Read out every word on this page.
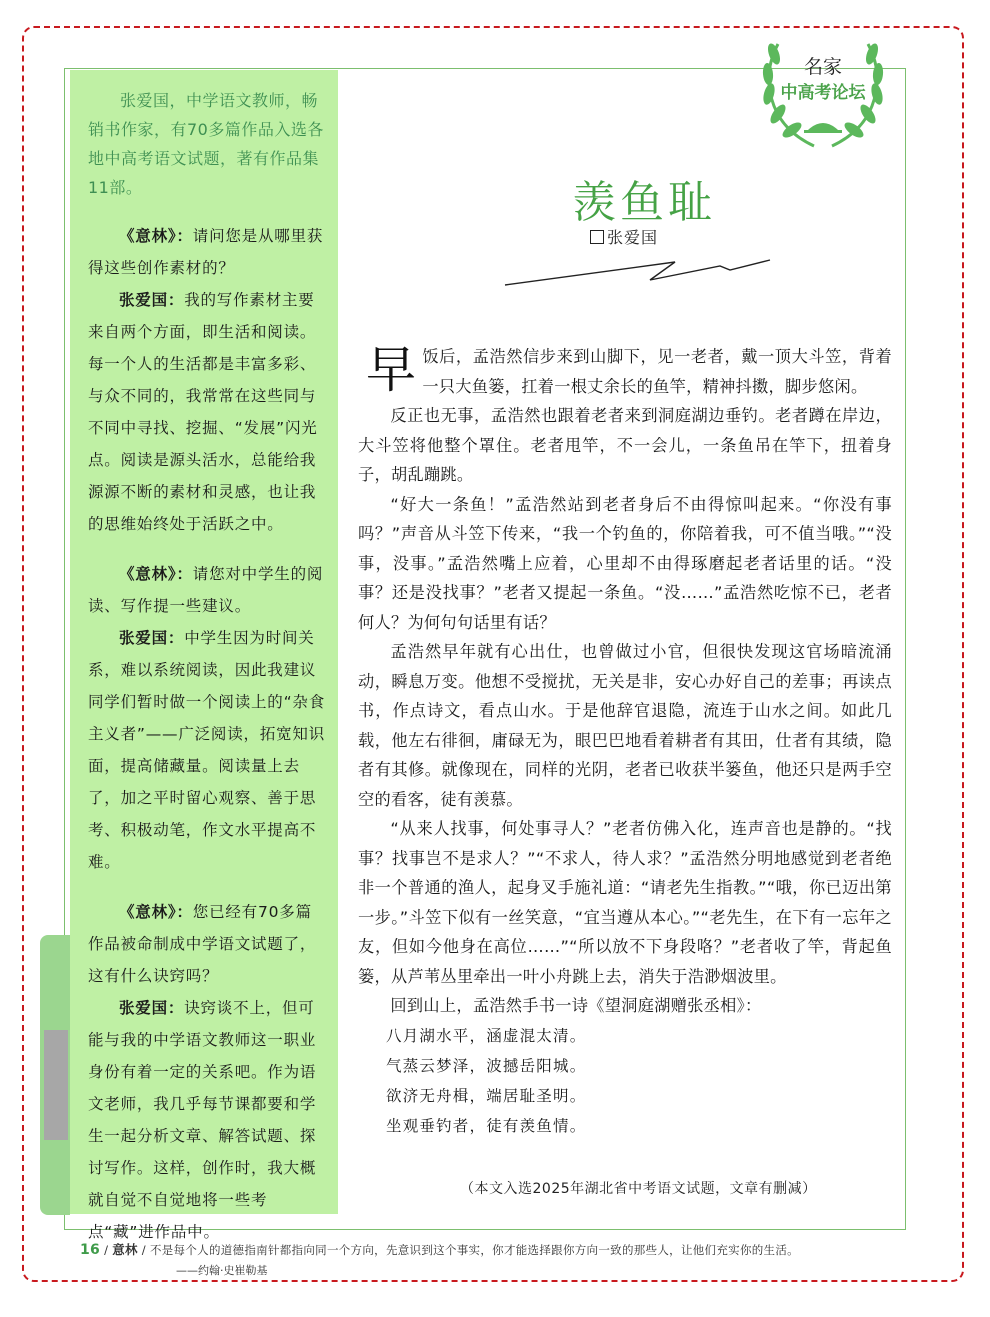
张爱国，中学语文教师，畅销书作家，有70多篇作品入选各地中高考语文试题，著有作品集11部。

《意林》：请问您是从哪里获得这些创作素材的？

张爱国：我的写作素材主要来自两个方面，即生活和阅读。每一个人的生活都是丰富多彩、与众不同的，我常常在这些同与不同中寻找、挖掘、“发展”闪光点。阅读是源头活水，总能给我源源不断的素材和灵感，也让我的思维始终处于活跃之中。

《意林》：请您对中学生的阅读、写作提一些建议。

张爱国：中学生因为时间关系，难以系统阅读，因此我建议同学们暂时做一个阅读上的“杂食主义者”——广泛阅读，拓宽知识面，提高储藏量。阅读量上去了，加之平时留心观察、善于思考、积极动笔，作文水平提高不难。

《意林》：您已经有70多篇作品被命制成中学语文试题了，这有什么诀窍吗？

张爱国：诀窍谈不上，但可能与我的中学语文教师这一职业身份有着一定的关系吧。作为语文老师，我几乎每节课都要和学生一起分析文章、解答试题、探讨写作。这样，创作时，我大概就自觉不自觉地将一些考点“藏”进作品中。

名家
中高考论坛
羡鱼耻
张爱国

早饭后，孟浩然信步来到山脚下，见一老者，戴一顶大斗笠，背着一只大鱼篓，扛着一根丈余长的鱼竿，精神抖擞，脚步悠闲。

反正也无事，孟浩然也跟着老者来到洞庭湖边垂钓。老者蹲在岸边，大斗笠将他整个罩住。老者甩竿，不一会儿，一条鱼吊在竿下，扭着身子，胡乱蹦跳。

“好大一条鱼！”孟浩然站到老者身后不由得惊叫起来。“你没有事吗？”声音从斗笠下传来，“我一个钓鱼的，你陪着我，可不值当哦。”“没事，没事。”孟浩然嘴上应着，心里却不由得琢磨起老者话里的话。“没事？还是没找事？”老者又提起一条鱼。“没……”孟浩然吃惊不已，老者何人？为何句句话里有话？

孟浩然早年就有心出仕，也曾做过小官，但很快发现这官场暗流涌动，瞬息万变。他想不受搅扰，无关是非，安心办好自己的差事；再读点书，作点诗文，看点山水。于是他辞官退隐，流连于山水之间。如此几载，他左右徘徊，庸碌无为，眼巴巴地看着耕者有其田，仕者有其绩，隐者有其修。就像现在，同样的光阴，老者已收获半篓鱼，他还只是两手空空的看客，徒有羡慕。

“从来人找事，何处事寻人？”老者仿佛入化，连声音也是静的。“找事？找事岂不是求人？”“不求人，待人求？”孟浩然分明地感觉到老者绝非一个普通的渔人，起身叉手施礼道：“请老先生指教。”“哦，你已迈出第一步。”斗笠下似有一丝笑意，“宜当遵从本心。”“老先生，在下有一忘年之友，但如今他身在高位……”“所以放不下身段咯？”老者收了竿，背起鱼篓，从芦苇丛里牵出一叶小舟跳上去，消失于浩渺烟波里。

回到山上，孟浩然手书一诗《望洞庭湖赠张丞相》：

八月湖水平，涵虚混太清。
气蒸云梦泽，波撼岳阳城。
欲济无舟楫，端居耻圣明。
坐观垂钓者，徒有羡鱼情。
（本文入选2025年湖北省中考语文试题，文章有删减）
16 / 意林 / 不是每个人的道德指南针都指向同一个方向，先意识到这个事实，你才能选择跟你方向一致的那些人，让他们充实你的生活。
——约翰·史崔勒基
